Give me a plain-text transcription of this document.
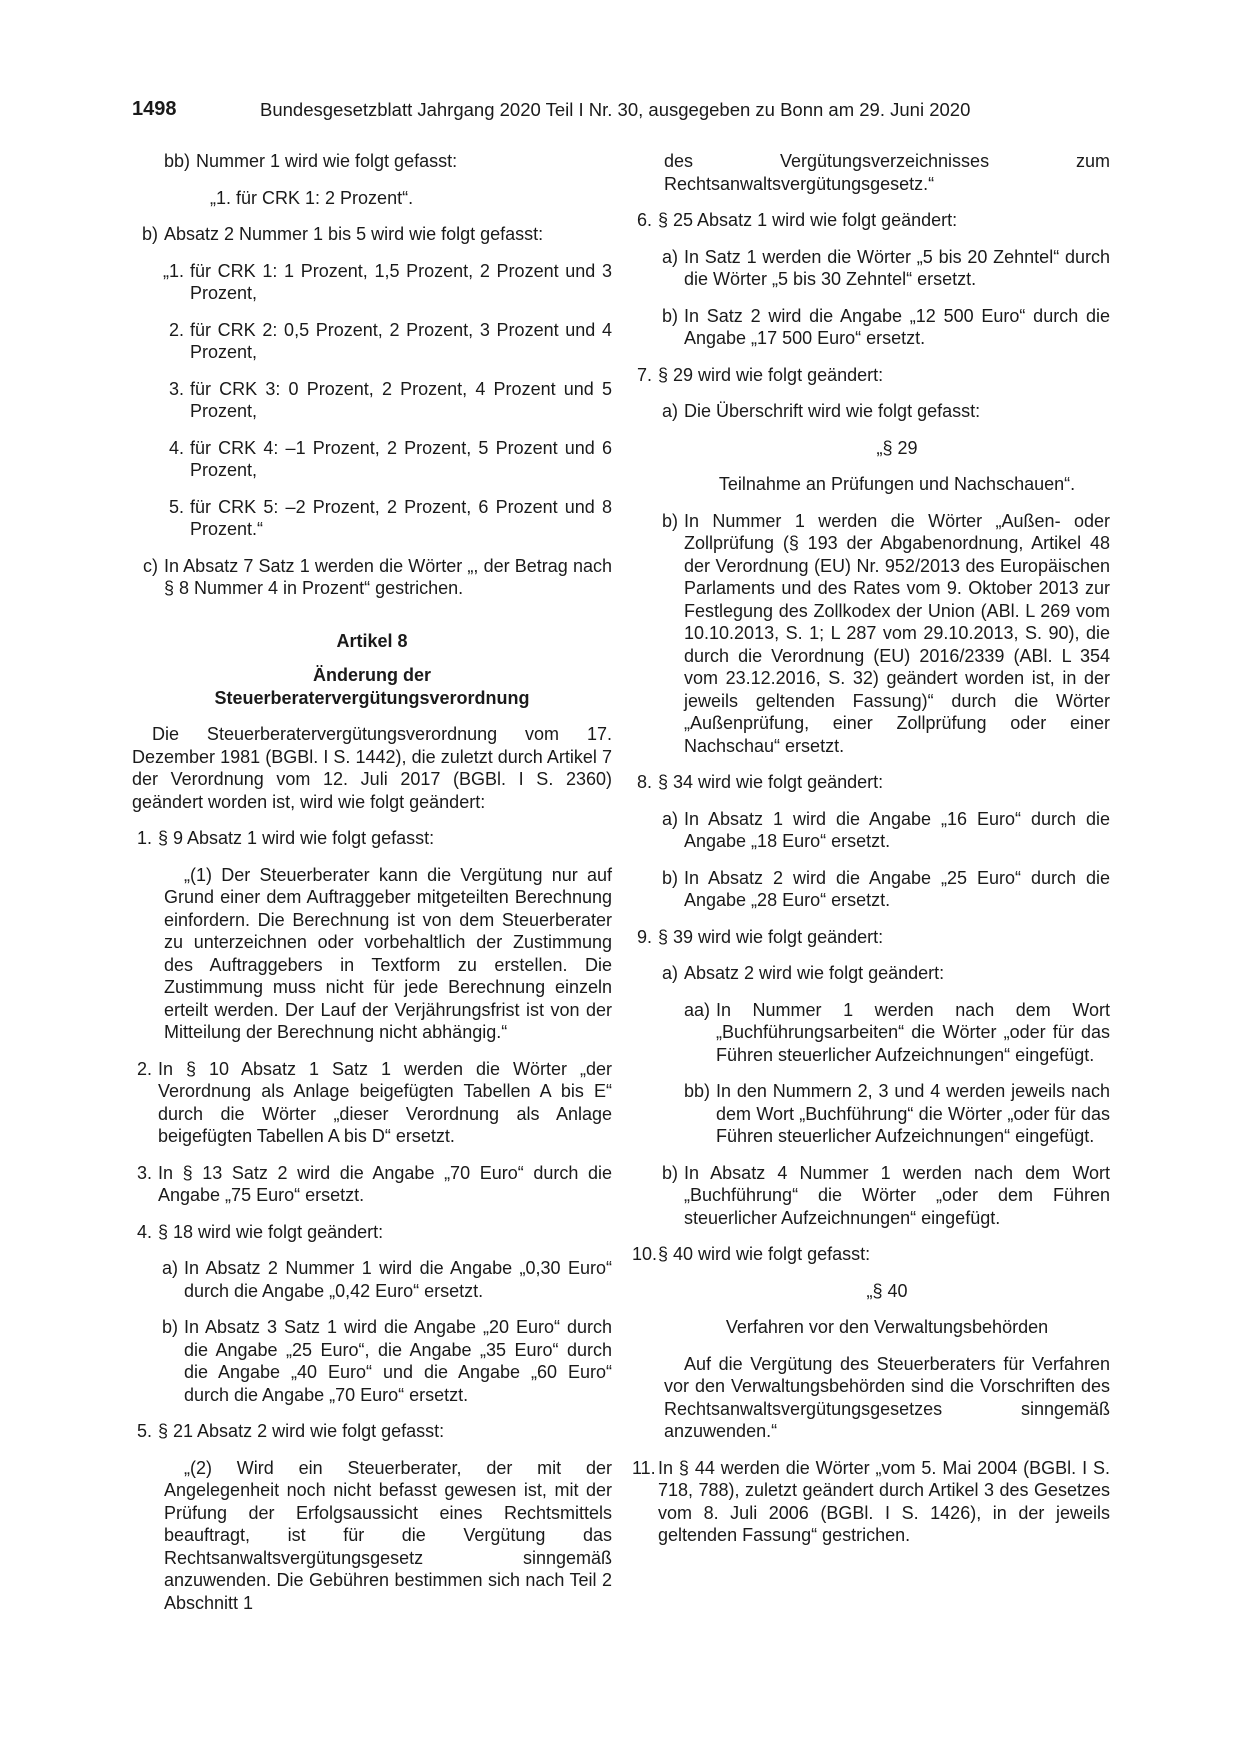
1498	Bundesgesetzblatt Jahrgang 2020 Teil I Nr. 30, ausgegeben zu Bonn am 29. Juni 2020
bb) Nummer 1 wird wie folgt gefasst:
„1. für CRK 1: 2 Prozent“.
b) Absatz 2 Nummer 1 bis 5 wird wie folgt gefasst:
„1. für CRK 1: 1 Prozent, 1,5 Prozent, 2 Prozent und 3 Prozent,
2. für CRK 2: 0,5 Prozent, 2 Prozent, 3 Prozent und 4 Prozent,
3. für CRK 3: 0 Prozent, 2 Prozent, 4 Prozent und 5 Prozent,
4. für CRK 4: –1 Prozent, 2 Prozent, 5 Prozent und 6 Prozent,
5. für CRK 5: –2 Prozent, 2 Prozent, 6 Prozent und 8 Prozent.“
c) In Absatz 7 Satz 1 werden die Wörter „, der Betrag nach § 8 Nummer 4 in Prozent“ gestrichen.
Artikel 8
Änderung der
Steuerberatervergütungsverordnung
Die Steuerberatervergütungsverordnung vom 17. Dezember 1981 (BGBl. I S. 1442), die zuletzt durch Artikel 7 der Verordnung vom 12. Juli 2017 (BGBl. I S. 2360) geändert worden ist, wird wie folgt geändert:
1. § 9 Absatz 1 wird wie folgt gefasst:
„(1) Der Steuerberater kann die Vergütung nur auf Grund einer dem Auftraggeber mitgeteilten Berechnung einfordern. Die Berechnung ist von dem Steuerberater zu unterzeichnen oder vorbehaltlich der Zustimmung des Auftraggebers in Textform zu erstellen. Die Zustimmung muss nicht für jede Berechnung einzeln erteilt werden. Der Lauf der Verjährungsfrist ist von der Mitteilung der Berechnung nicht abhängig.“
2. In § 10 Absatz 1 Satz 1 werden die Wörter „der Verordnung als Anlage beigefügten Tabellen A bis E“ durch die Wörter „dieser Verordnung als Anlage beigefügten Tabellen A bis D“ ersetzt.
3. In § 13 Satz 2 wird die Angabe „70 Euro“ durch die Angabe „75 Euro“ ersetzt.
4. § 18 wird wie folgt geändert:
a) In Absatz 2 Nummer 1 wird die Angabe „0,30 Euro“ durch die Angabe „0,42 Euro“ ersetzt.
b) In Absatz 3 Satz 1 wird die Angabe „20 Euro“ durch die Angabe „25 Euro“, die Angabe „35 Euro“ durch die Angabe „40 Euro“ und die Angabe „60 Euro“ durch die Angabe „70 Euro“ ersetzt.
5. § 21 Absatz 2 wird wie folgt gefasst:
„(2) Wird ein Steuerberater, der mit der Angelegenheit noch nicht befasst gewesen ist, mit der Prüfung der Erfolgsaussicht eines Rechtsmittels beauftragt, ist für die Vergütung das Rechtsanwaltsvergütungsgesetz sinngemäß anzuwenden. Die Gebühren bestimmen sich nach Teil 2 Abschnitt 1
des Vergütungsverzeichnisses zum Rechtsanwaltsvergütungsgesetz.“
6. § 25 Absatz 1 wird wie folgt geändert:
a) In Satz 1 werden die Wörter „5 bis 20 Zehntel“ durch die Wörter „5 bis 30 Zehntel“ ersetzt.
b) In Satz 2 wird die Angabe „12 500 Euro“ durch die Angabe „17 500 Euro“ ersetzt.
7. § 29 wird wie folgt geändert:
a) Die Überschrift wird wie folgt gefasst:
„§ 29
Teilnahme an Prüfungen und Nachschauen“.
b) In Nummer 1 werden die Wörter „Außen- oder Zollprüfung (§ 193 der Abgabenordnung, Artikel 48 der Verordnung (EU) Nr. 952/2013 des Europäischen Parlaments und des Rates vom 9. Oktober 2013 zur Festlegung des Zollkodex der Union (ABl. L 269 vom 10.10.2013, S. 1; L 287 vom 29.10.2013, S. 90), die durch die Verordnung (EU) 2016/2339 (ABl. L 354 vom 23.12.2016, S. 32) geändert worden ist, in der jeweils geltenden Fassung)“ durch die Wörter „Außenprüfung, einer Zollprüfung oder einer Nachschau“ ersetzt.
8. § 34 wird wie folgt geändert:
a) In Absatz 1 wird die Angabe „16 Euro“ durch die Angabe „18 Euro“ ersetzt.
b) In Absatz 2 wird die Angabe „25 Euro“ durch die Angabe „28 Euro“ ersetzt.
9. § 39 wird wie folgt geändert:
a) Absatz 2 wird wie folgt geändert:
aa) In Nummer 1 werden nach dem Wort „Buchführungsarbeiten“ die Wörter „oder für das Führen steuerlicher Aufzeichnungen“ eingefügt.
bb) In den Nummern 2, 3 und 4 werden jeweils nach dem Wort „Buchführung“ die Wörter „oder für das Führen steuerlicher Aufzeichnungen“ eingefügt.
b) In Absatz 4 Nummer 1 werden nach dem Wort „Buchführung“ die Wörter „oder dem Führen steuerlicher Aufzeichnungen“ eingefügt.
10. § 40 wird wie folgt gefasst:
„§ 40
Verfahren vor den Verwaltungsbehörden
Auf die Vergütung des Steuerberaters für Verfahren vor den Verwaltungsbehörden sind die Vorschriften des Rechtsanwaltsvergütungsgesetzes sinngemäß anzuwenden.“
11. In § 44 werden die Wörter „vom 5. Mai 2004 (BGBl. I S. 718, 788), zuletzt geändert durch Artikel 3 des Gesetzes vom 8. Juli 2006 (BGBl. I S. 1426), in der jeweils geltenden Fassung“ gestrichen.
